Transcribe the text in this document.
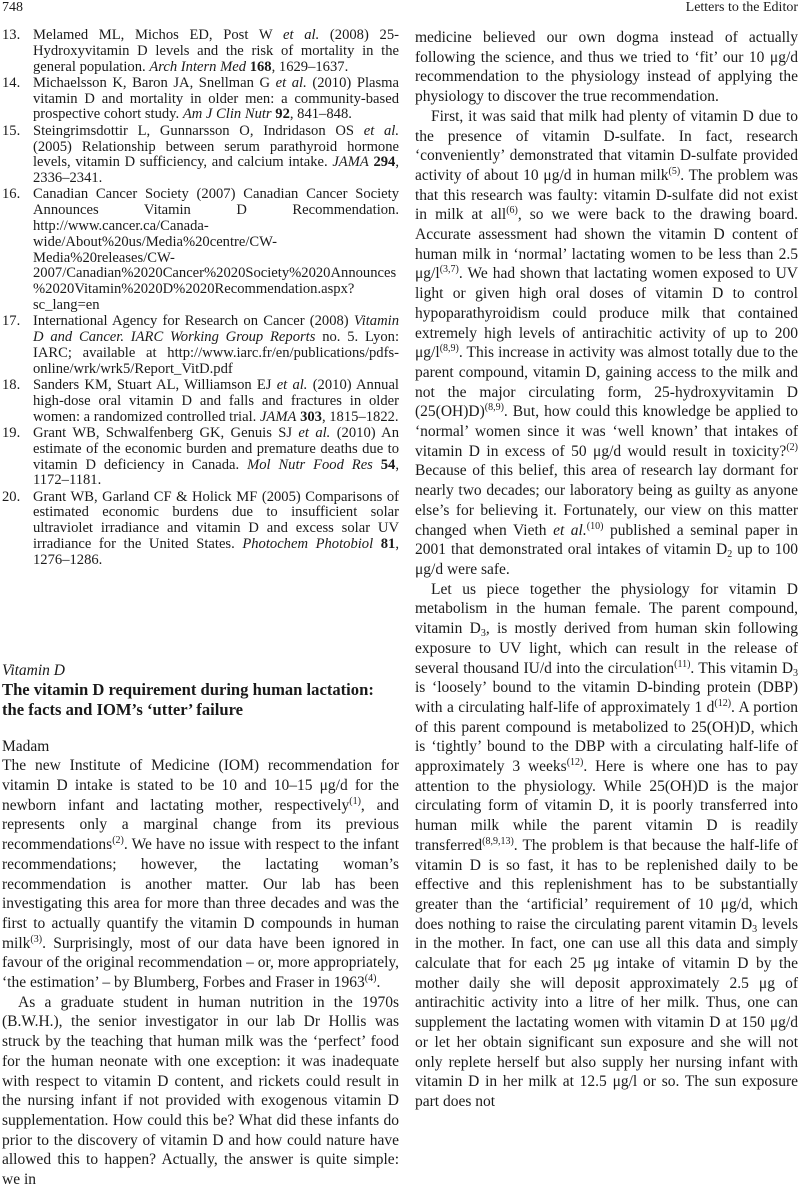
748	Letters to the Editor
13. Melamed ML, Michos ED, Post W et al. (2008) 25-Hydroxyvitamin D levels and the risk of mortality in the general population. Arch Intern Med 168, 1629–1637.
14. Michaelsson K, Baron JA, Snellman G et al. (2010) Plasma vitamin D and mortality in older men: a community-based prospective cohort study. Am J Clin Nutr 92, 841–848.
15. Steingrimsdottir L, Gunnarsson O, Indridason OS et al. (2005) Relationship between serum parathyroid hormone levels, vitamin D sufficiency, and calcium intake. JAMA 294, 2336–2341.
16. Canadian Cancer Society (2007) Canadian Cancer Society Announces Vitamin D Recommendation. http://www.cancer.ca/Canada-wide/About%20us/Media%20centre/CW-Media%20releases/CW-2007/Canadian%2020Cancer%2020Society%2020Announces%2020Vitamin%2020D%2020Recommendation.aspx?sc_lang=en
17. International Agency for Research on Cancer (2008) Vitamin D and Cancer. IARC Working Group Reports no. 5. Lyon: IARC; available at http://www.iarc.fr/en/publications/pdfs-online/wrk/wrk5/Report_VitD.pdf
18. Sanders KM, Stuart AL, Williamson EJ et al. (2010) Annual high-dose oral vitamin D and falls and fractures in older women: a randomized controlled trial. JAMA 303, 1815–1822.
19. Grant WB, Schwalfenberg GK, Genuis SJ et al. (2010) An estimate of the economic burden and premature deaths due to vitamin D deficiency in Canada. Mol Nutr Food Res 54, 1172–1181.
20. Grant WB, Garland CF & Holick MF (2005) Comparisons of estimated economic burdens due to insufficient solar ultraviolet irradiance and vitamin D and excess solar UV irradiance for the United States. Photochem Photobiol 81, 1276–1286.
Vitamin D
The vitamin D requirement during human lactation: the facts and IOM’s ‘utter’ failure
Madam

The new Institute of Medicine (IOM) recommendation for vitamin D intake is stated to be 10 and 10–15 μg/d for the newborn infant and lactating mother, respectively$^{(1)}$, and represents only a marginal change from its previous recommendations$^{(2)}$. We have no issue with respect to the infant recommendations; however, the lactating woman’s recommendation is another matter. Our lab has been investigating this area for more than three decades and was the first to actually quantify the vitamin D compounds in human milk$^{(3)}$. Surprisingly, most of our data have been ignored in favour of the original recommendation – or, more appropriately, ‘the estimation’ – by Blumberg, Forbes and Fraser in 1963$^{(4)}$.

As a graduate student in human nutrition in the 1970s (B.W.H.), the senior investigator in our lab Dr Hollis was struck by the teaching that human milk was the ‘perfect’ food for the human neonate with one exception: it was inadequate with respect to vitamin D content, and rickets could result in the nursing infant if not provided with exogenous vitamin D supplementation. How could this be? What did these infants do prior to the discovery of vitamin D and how could nature have allowed this to happen? Actually, the answer is quite simple: we in

medicine believed our own dogma instead of actually following the science, and thus we tried to ‘fit’ our 10 μg/d recommendation to the physiology instead of applying the physiology to discover the true recommendation.

First, it was said that milk had plenty of vitamin D due to the presence of vitamin D-sulfate. In fact, research ‘conveniently’ demonstrated that vitamin D-sulfate provided activity of about 10 μg/d in human milk$^{(5)}$. The problem was that this research was faulty: vitamin D-sulfate did not exist in milk at all$^{(6)}$, so we were back to the drawing board. Accurate assessment had shown the vitamin D content of human milk in ‘normal’ lactating women to be less than 2.5 $\mu g/l^{(3,7)}$. We had shown that lactating women exposed to UV light or given high oral doses of vitamin D to control hypoparathyroidism could produce milk that contained extremely high levels of antirachitic activity of up to 200 $\mu g/l^{(8,9)}$. This increase in activity was almost totally due to the parent compound, vitamin D, gaining access to the milk and not the major circulating form, 25-hydroxyvitamin D $(25(OH)D)^{(8,9)}$. But, how could this knowledge be applied to ‘normal’ women since it was ‘well known’ that intakes of vitamin D in excess of 50 μg/d would result in toxicity?$^{(2)}$ Because of this belief, this area of research lay dormant for nearly two decades; our laboratory being as guilty as anyone else’s for believing it. Fortunately, our view on this matter changed when Vieth et al.$^{(10)}$ published a seminal paper in 2001 that demonstrated oral intakes of vitamin $D_2$ up to 100 μg/d were safe.

Let us piece together the physiology for vitamin D metabolism in the human female. The parent compound, vitamin $D_3$, is mostly derived from human skin following exposure to UV light, which can result in the release of several thousand IU/d into the circulation$^{(11)}$. This vitamin $D_3$ is ‘loosely’ bound to the vitamin D-binding protein (DBP) with a circulating half-life of approximately 1 $d^{(12)}$. A portion of this parent compound is metabolized to 25(OH)D, which is ‘tightly’ bound to the DBP with a circulating half-life of approximately 3 weeks$^{(12)}$. Here is where one has to pay attention to the physiology. While 25(OH)D is the major circulating form of vitamin D, it is poorly transferred into human milk while the parent vitamin D is readily transferred$^{(8,9,13)}$. The problem is that because the half-life of vitamin D is so fast, it has to be replenished daily to be effective and this replenishment has to be substantially greater than the ‘artificial’ requirement of 10 μg/d, which does nothing to raise the circulating parent vitamin $D_3$ levels in the mother. In fact, one can use all this data and simply calculate that for each 25 μg intake of vitamin D by the mother daily she will deposit approximately 2.5 μg of antirachitic activity into a litre of her milk. Thus, one can supplement the lactating women with vitamin D at 150 μg/d or let her obtain significant sun exposure and she will not only replete herself but also supply her nursing infant with vitamin D in her milk at 12.5 μg/l or so. The sun exposure part does not
